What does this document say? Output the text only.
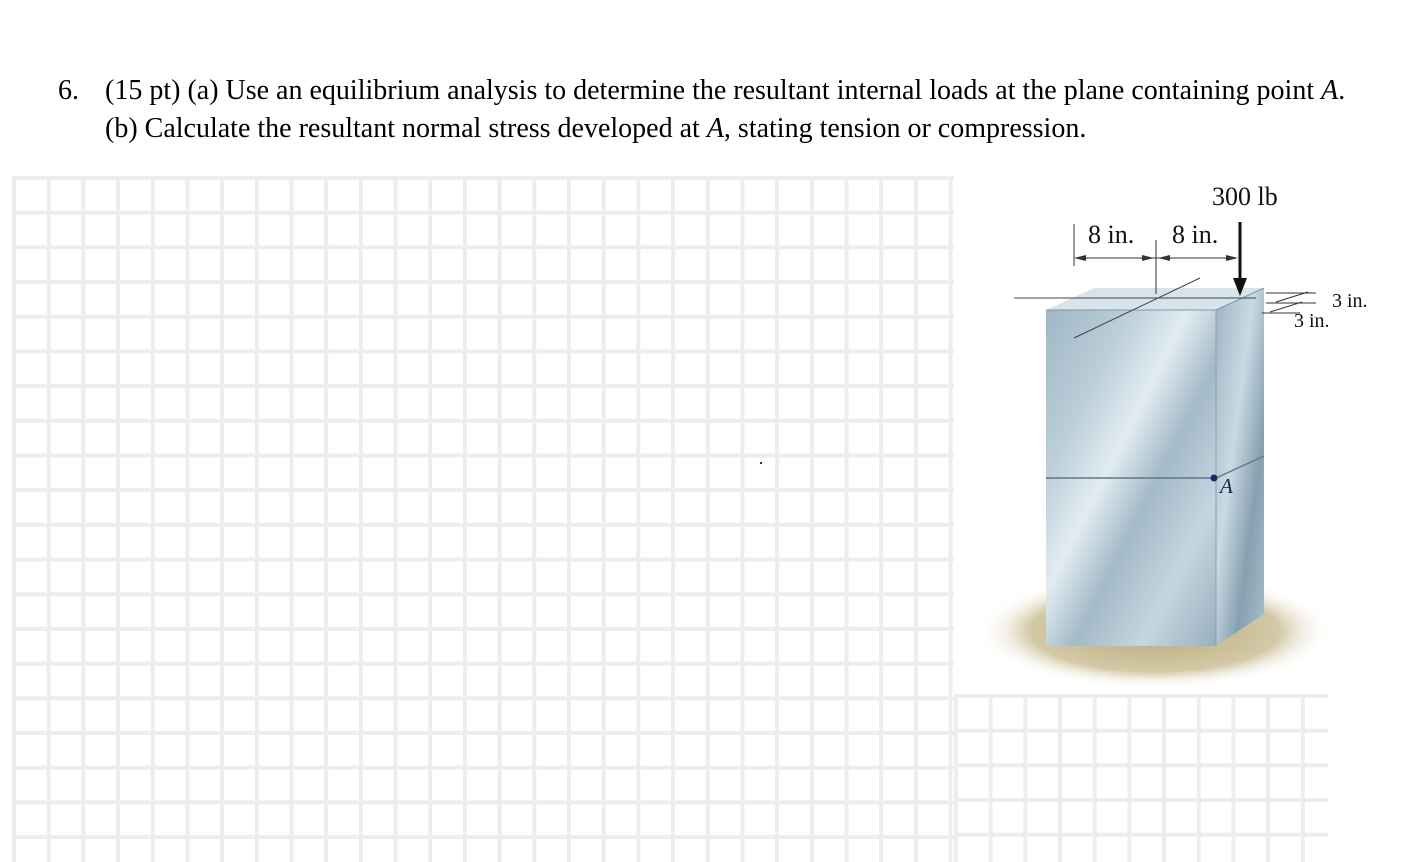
6. (15 pt) (a) Use an equilibrium analysis to determine the resultant internal loads at the plane containing point A. (b) Calculate the resultant normal stress developed at A, stating tension or compression.
300 lb
8 in. 8 in.
3 in.
3 in.
A
